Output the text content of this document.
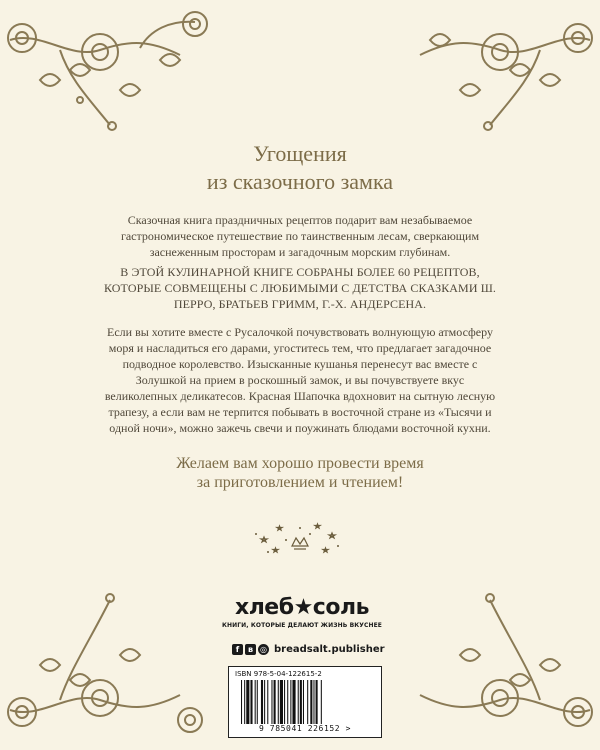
Угощения
из сказочного замка
Сказочная книга праздничных рецептов подарит вам незабываемое гастрономическое путешествие по таинственным лесам, сверкающим заснеженным просторам и загадочным морским глубинам.
В ЭТОЙ КУЛИНАРНОЙ КНИГЕ СОБРАНЫ БОЛЕЕ 60 РЕЦЕПТОВ, КОТОРЫЕ СОВМЕЩЕНЫ С ЛЮБИМЫМИ С ДЕТСТВА СКАЗКАМИ Ш. ПЕРРО, БРАТЬЕВ ГРИММ, Г.-Х. АНДЕРСЕНА.
Если вы хотите вместе с Русалочкой почувствовать волнующую атмосферу моря и насладиться его дарами, угоститесь тем, что предлагает загадочное подводное королевство. Изысканные кушанья перенесут вас вместе с Золушкой на прием в роскошный замок, и вы почувствуете вкус великолепных деликатесов. Красная Шапочка вдохновит на сытную лесную трапезу, а если вам не терпится побывать в восточной стране из «Тысячи и одной ночи», можно зажечь свечи и поужинать блюдами восточной кухни.
Желаем вам хорошо провести время
за приготовлением и чтением!
хлеб★соль
КНИГИ, КОТОРЫЕ ДЕЛАЮТ ЖИЗНЬ ВКУСНЕЕ
f	в ◎ breadsalt.publisher
ISBN 978-5-04-122615-2
9 785041 226152 >
